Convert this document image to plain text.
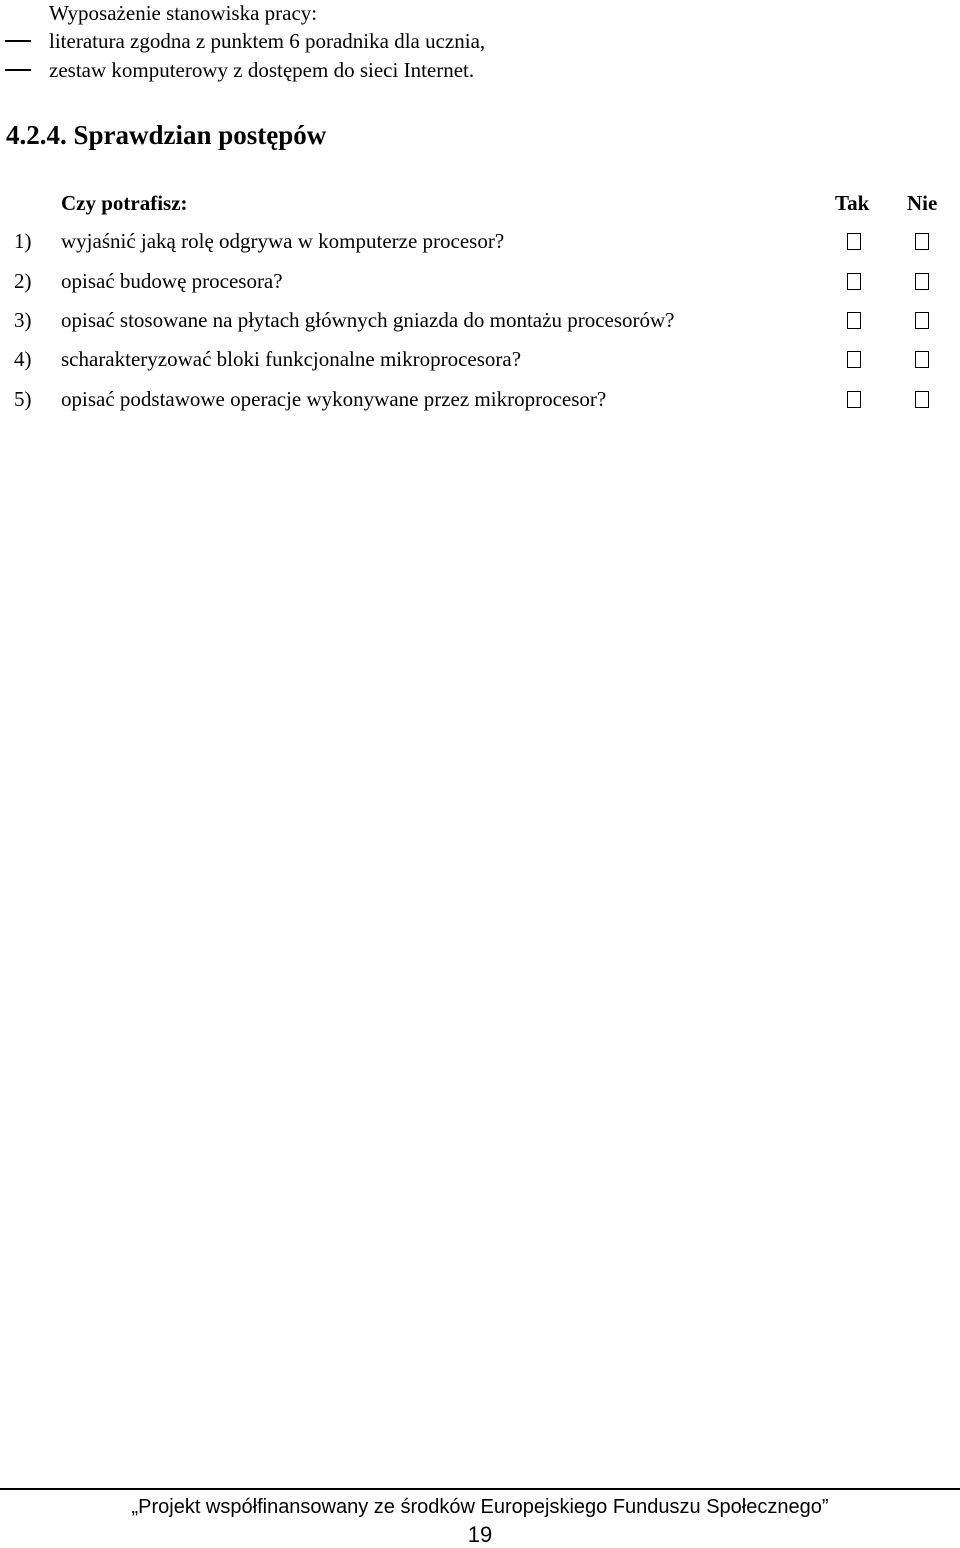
Wyposażenie stanowiska pracy:
literatura zgodna z punktem 6 poradnika dla ucznia,
zestaw komputerowy z dostępem do sieci Internet.
4.2.4. Sprawdzian postępów
Czy potrafisz:	Tak Nie
1) wyjaśnić jaką rolę odgrywa w komputerze procesor?
2) opisać budowę procesora?
3) opisać stosowane na płytach głównych gniazda do montażu procesorów?
4) scharakteryzować bloki funkcjonalne mikroprocesora?
5) opisać podstawowe operacje wykonywane przez mikroprocesor?
„Projekt współfinansowany ze środków Europejskiego Funduszu Społecznego”
19
